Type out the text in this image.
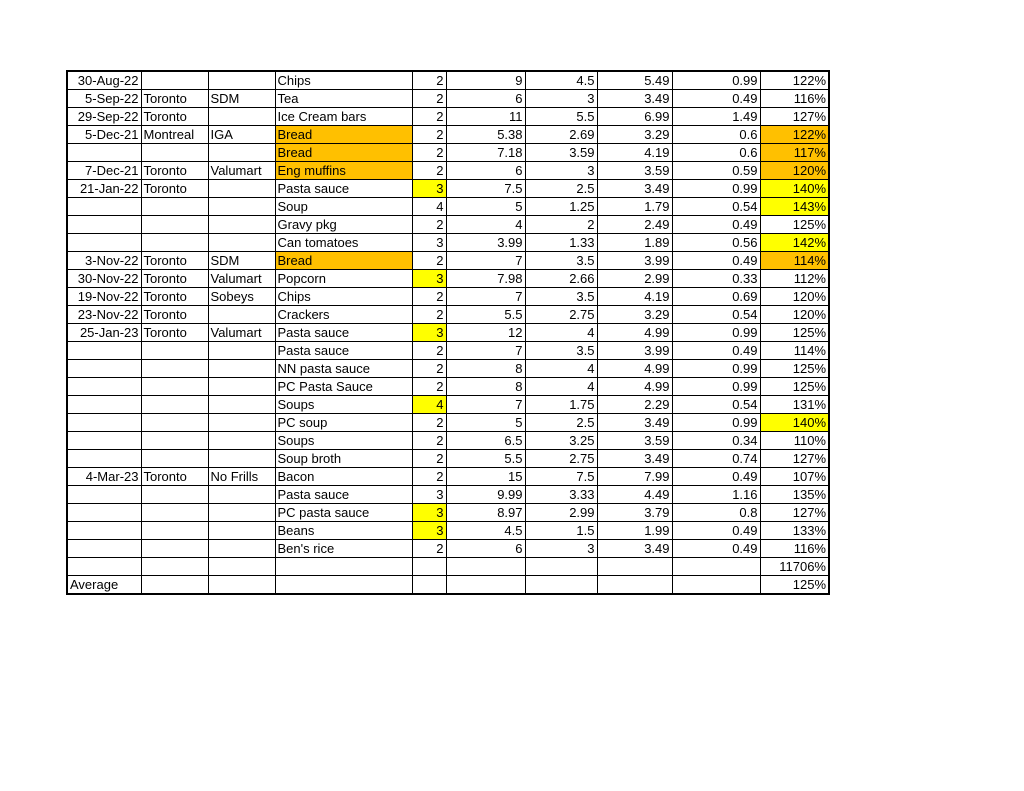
30-Aug-22			Chips	2	9	4.5	5.49	0.99	122%
5-Sep-22	Toronto	SDM	Tea	2	6	3	3.49	0.49	116%
29-Sep-22	Toronto		Ice Cream bars	2	11	5.5	6.99	1.49	127%
5-Dec-21	Montreal	IGA	Bread	2	5.38	2.69	3.29	0.6	122%
			Bread	2	7.18	3.59	4.19	0.6	117%
7-Dec-21	Toronto	Valumart	Eng muffins	2	6	3	3.59	0.59	120%
21-Jan-22	Toronto		Pasta sauce	3	7.5	2.5	3.49	0.99	140%
			Soup	4	5	1.25	1.79	0.54	143%
			Gravy pkg	2	4	2	2.49	0.49	125%
			Can tomatoes	3	3.99	1.33	1.89	0.56	142%
3-Nov-22	Toronto	SDM	Bread	2	7	3.5	3.99	0.49	114%
30-Nov-22	Toronto	Valumart	Popcorn	3	7.98	2.66	2.99	0.33	112%
19-Nov-22	Toronto	Sobeys	Chips	2	7	3.5	4.19	0.69	120%
23-Nov-22	Toronto		Crackers	2	5.5	2.75	3.29	0.54	120%
25-Jan-23	Toronto	Valumart	Pasta sauce	3	12	4	4.99	0.99	125%
			Pasta sauce	2	7	3.5	3.99	0.49	114%
			NN pasta sauce	2	8	4	4.99	0.99	125%
			PC Pasta Sauce	2	8	4	4.99	0.99	125%
			Soups	4	7	1.75	2.29	0.54	131%
			PC soup	2	5	2.5	3.49	0.99	140%
			Soups	2	6.5	3.25	3.59	0.34	110%
			Soup broth	2	5.5	2.75	3.49	0.74	127%
4-Mar-23	Toronto	No Frills	Bacon	2	15	7.5	7.99	0.49	107%
			Pasta sauce	3	9.99	3.33	4.49	1.16	135%
			PC pasta sauce	3	8.97	2.99	3.79	0.8	127%
			Beans	3	4.5	1.5	1.99	0.49	133%
			Ben's rice	2	6	3	3.49	0.49	116%
									11706%
Average									125%
